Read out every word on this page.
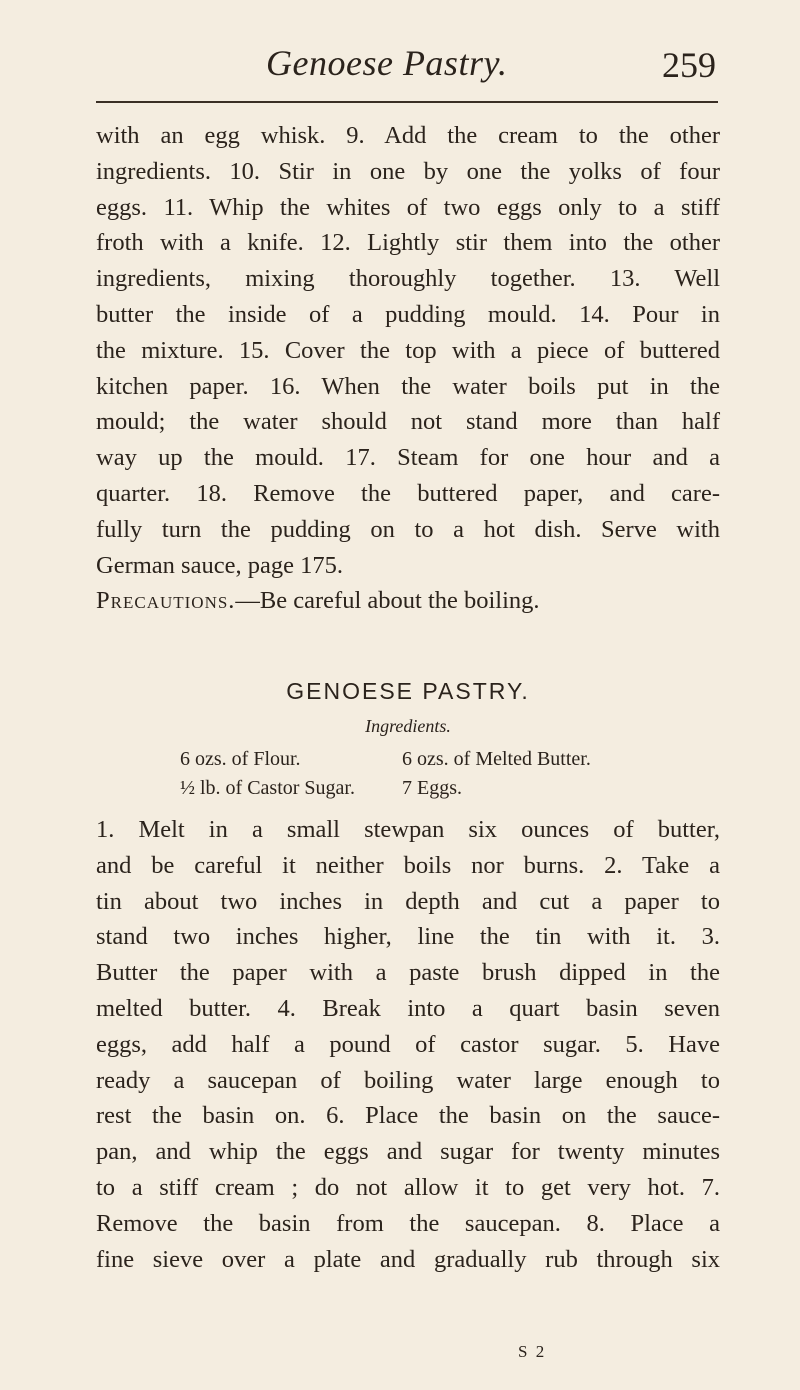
Genoese Pastry.	259
with an egg whisk. 9. Add the cream to the other
ingredients. 10. Stir in one by one the yolks of four
eggs. 11. Whip the whites of two eggs only to a stiff
froth with a knife. 12. Lightly stir them into the other
ingredients, mixing thoroughly together. 13. Well
butter the inside of a pudding mould. 14. Pour in
the mixture. 15. Cover the top with a piece of buttered
kitchen paper. 16. When the water boils put in the
mould; the water should not stand more than half
way up the mould. 17. Steam for one hour and a
quarter. 18. Remove the buttered paper, and care-
fully turn the pudding on to a hot dish. Serve with
German sauce, page 175.
Precautions.—Be careful about the boiling.
GENOESE PASTRY.
Ingredients.
6 ozs. of Flour.	6 ozs. of Melted Butter.
½ lb. of Castor Sugar. 7 Eggs.
1. Melt in a small stewpan six ounces of butter,
and be careful it neither boils nor burns. 2. Take a
tin about two inches in depth and cut a paper to
stand two inches higher, line the tin with it. 3.
Butter the paper with a paste brush dipped in the
melted butter. 4. Break into a quart basin seven
eggs, add half a pound of castor sugar. 5. Have
ready a saucepan of boiling water large enough to
rest the basin on. 6. Place the basin on the sauce-
pan, and whip the eggs and sugar for twenty minutes
to a stiff cream ; do not allow it to get very hot. 7.
Remove the basin from the saucepan. 8. Place a
fine sieve over a plate and gradually rub through six
S 2
